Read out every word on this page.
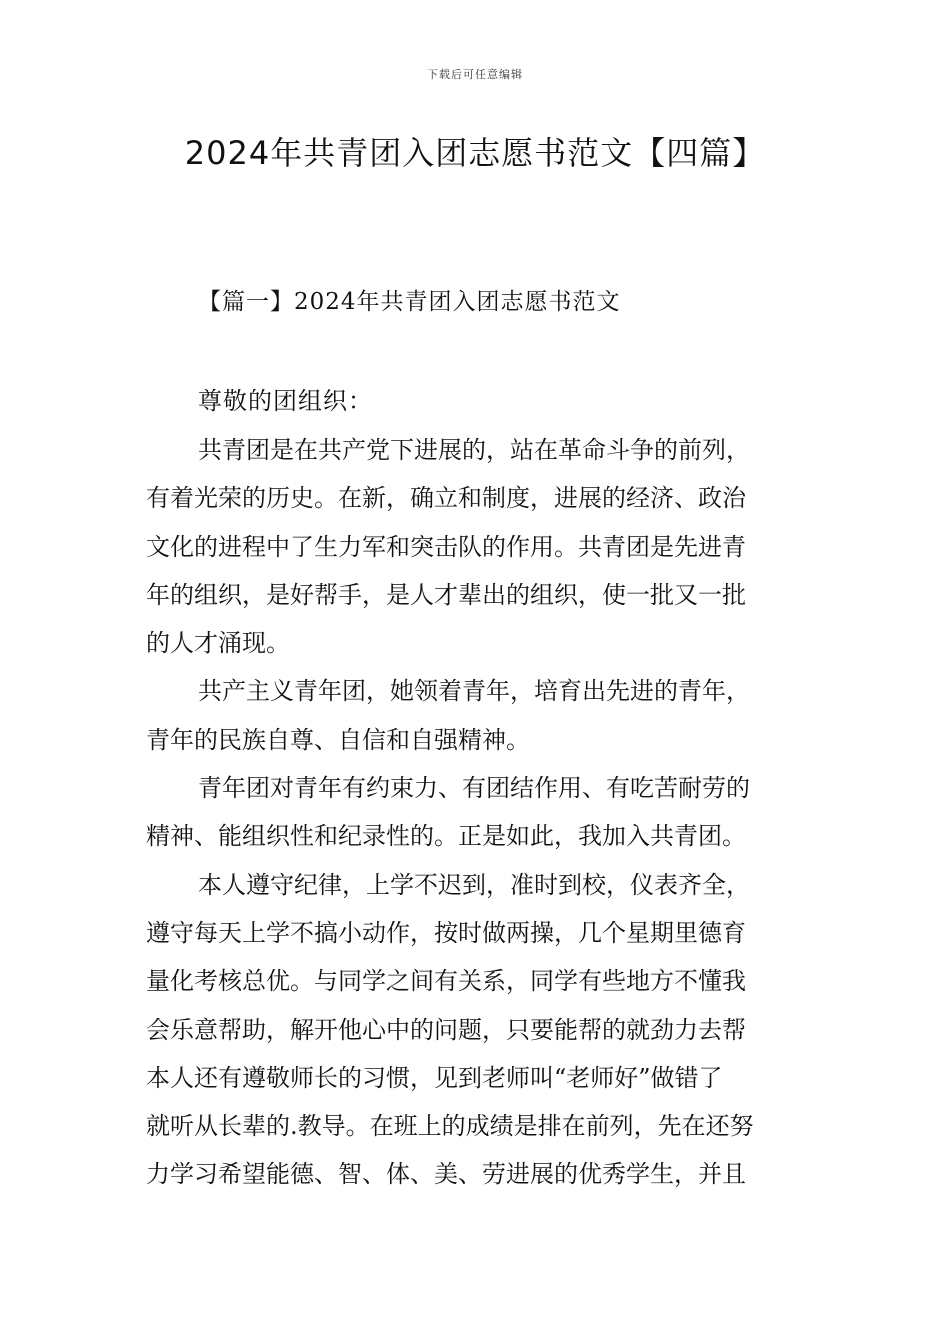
下载后可任意编辑
2024年共青团入团志愿书范文【四篇】
【篇一】2024年共青团入团志愿书范文
尊敬的团组织：
共青团是在共产党下进展的，站在革命斗争的前列，
有着光荣的历史。在新，确立和制度，进展的经济、政治
文化的进程中了生力军和突击队的作用。共青团是先进青
年的组织，是好帮手，是人才辈出的组织，使一批又一批
的人才涌现。
共产主义青年团，她领着青年，培育出先进的青年，
青年的民族自尊、自信和自强精神。
青年团对青年有约束力、有团结作用、有吃苦耐劳的
精神、能组织性和纪录性的。正是如此，我加入共青团。
本人遵守纪律，上学不迟到，准时到校，仪表齐全，
遵守每天上学不搞小动作，按时做两操，几个星期里德育
量化考核总优。与同学之间有关系，同学有些地方不懂我
会乐意帮助，解开他心中的问题，只要能帮的就劲力去帮
本人还有遵敬师长的习惯，见到老师叫“老师好”做错了
就听从长辈的.教导。在班上的成绩是排在前列，先在还努
力学习希望能德、智、体、美、劳进展的优秀学生，并且
